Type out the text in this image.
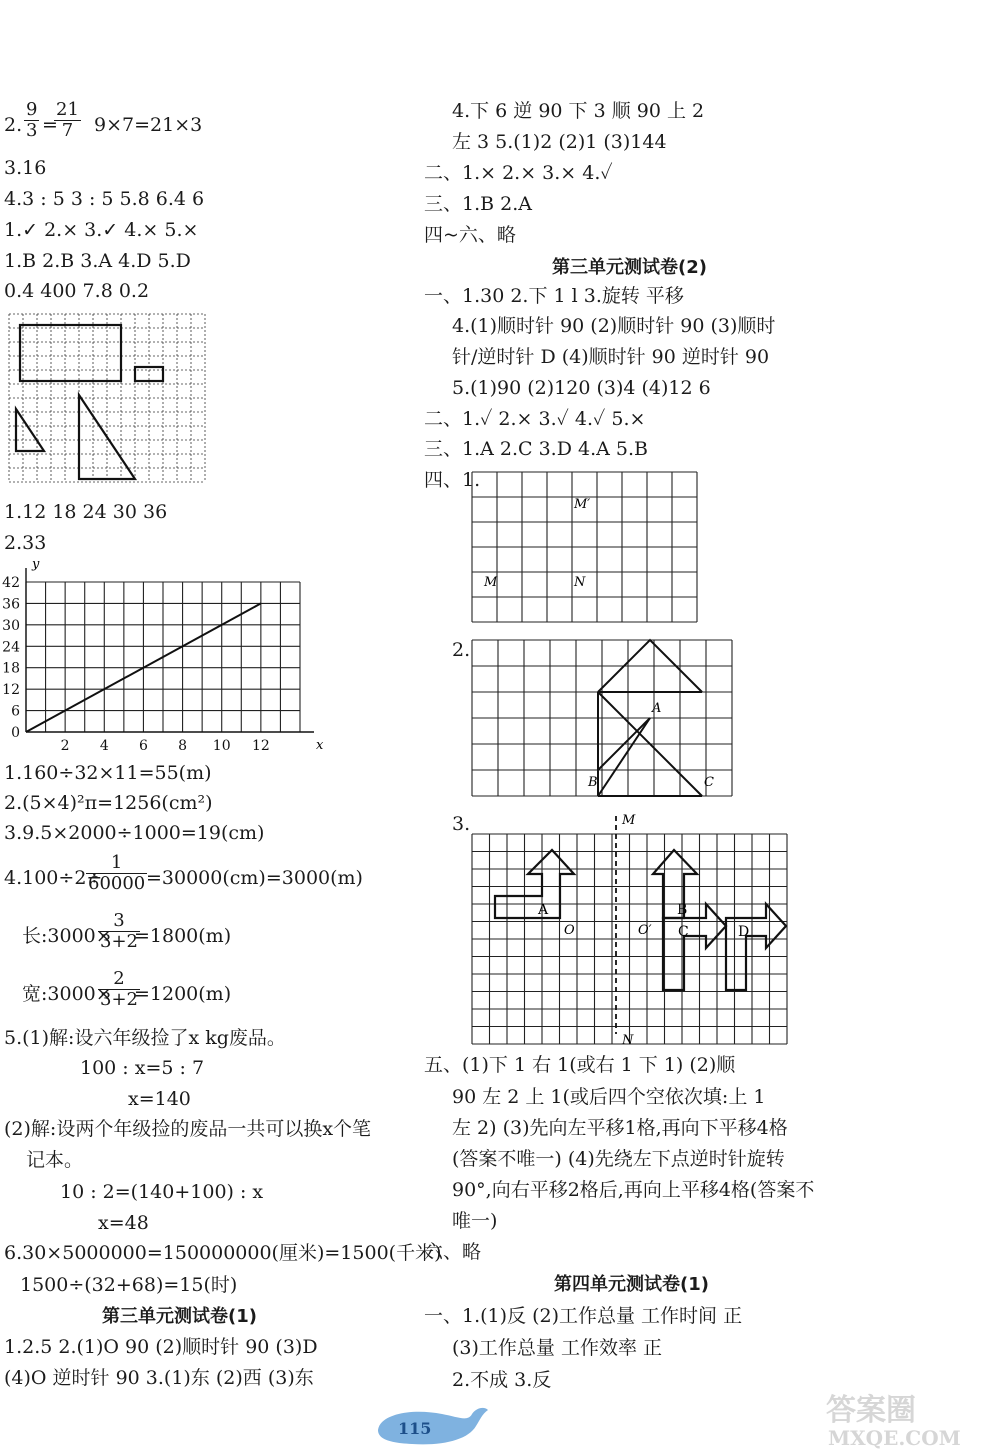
2. $\frac{9}{3}$ =
$\frac{21}{7} 9\times 7=21\times 3$
3.16
4.3 : 5 3 : 5 5.8 6.4 6
1.✓ 2.× 3.✓ 4.× 5.×
1.B 2.B 3.A 4.D 5.D
0.4 400 7.8 0.2
1.12 18 24 30 36
2.33
2 4 6 8 10 12
0
6
12
18
24
30
36
42
x
y
1.160÷32×11=55(m)
2.(5×4)²π=1256(cm²)
3.9.5×2000÷1000=19(cm)
4.100÷2÷
$\frac{1}{60000}$
=30000(cm)=3000(m)
长:3000×
$\frac{3}{3+2}$
=1800(m)
宽:3000×
$\frac{2}{3+2}$
=1200(m)
5.(1)解:设六年级捡了x kg废品。
100 : x=5 : 7
x=140
(2)解:设两个年级捡的废品一共可以换x个笔
记本。
10 : 2=(140+100) : x
x=48
6.30×5000000=150000000(厘米)=1500(千米)
1500÷(32+68)=15(时)
第三单元测试卷(1)
1.2.5 2.(1)O 90 (2)顺时针 90 (3)D
(4)O 逆时针 90 3.(1)东 (2)西 (3)东
4.下 6 逆 90 下 3 顺 90 上 2
左 3 5.(1)2 (2)1 (3)144
二、1.× 2.× 3.× 4.✓
三、1.B 2.A
四~六、略
第三单元测试卷(2)
一、1.30 2.下 1 l 3.旋转 平移
4.(1)顺时针 90 (2)顺时针 90 (3)顺时
针/逆时针 D (4)顺时针 90 逆时针 90
5.(1)90 (2)120 (3)4 (4)12 6
二、1.✓ 2.× 3.✓ 4.✓ 5.×
三、1.A 2.C 3.D 4.A 5.B
四、1.
M′
M	N
2.
A
B	C
3.	M
N
A
O	O′
B
C	D
五、(1)下 1 右 1(或右 1 下 1) (2)顺
90 左 2 上 1(或后四个空依次填:上 1
左 2) (3)先向左平移1格,再向下平移4格
(答案不唯一) (4)先绕左下点逆时针旋转
90°,向右平移2格后,再向上平移4格(答案不
唯一)
六、略
第四单元测试卷(1)
一、1.(1)反 (2)工作总量 工作时间 正
(3)工作总量 工作效率 正
2.不成 3.反
115
答案圈
MXQE.COM
